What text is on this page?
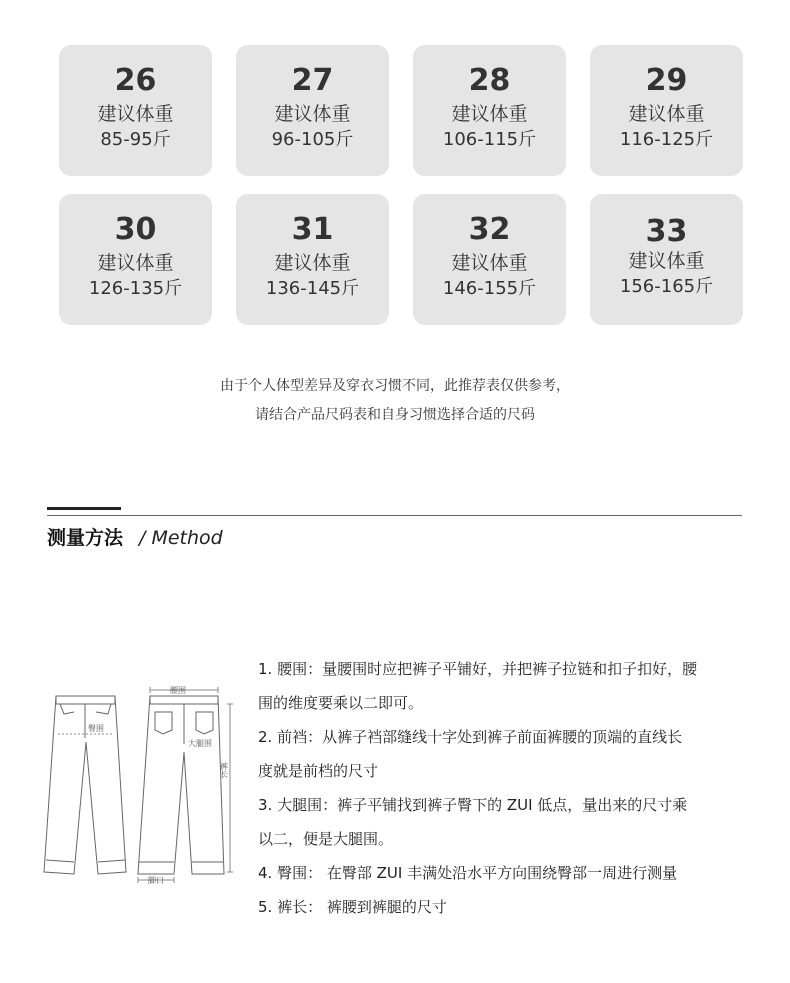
26
建议体重
85-95斤
27
建议体重
96-105斤
28
建议体重
106-115斤
29
建议体重
116-125斤
30
建议体重
126-135斤
31
建议体重
136-145斤
32
建议体重
146-155斤
33
建议体重
156-165斤
由于个人体型差异及穿衣习惯不同，此推荐表仅供参考，
请结合产品尺码表和自身习惯选择合适的尺码
测量方法 / Method
腰围
臀围
大腿围
裤长
脚口
1. 腰围：量腰围时应把裤子平铺好，并把裤子拉链和扣子扣好，腰
围的维度要乘以二即可。
2. 前裆：从裤子裆部缝线十字处到裤子前面裤腰的顶端的直线长
度就是前档的尺寸
3. 大腿围：裤子平铺找到裤子臀下的 ZUI 低点，量出来的尺寸乘
以二，便是大腿围。
4. 臀围： 在臀部 ZUI 丰满处沿水平方向围绕臀部一周进行测量
5. 裤长： 裤腰到裤腿的尺寸
